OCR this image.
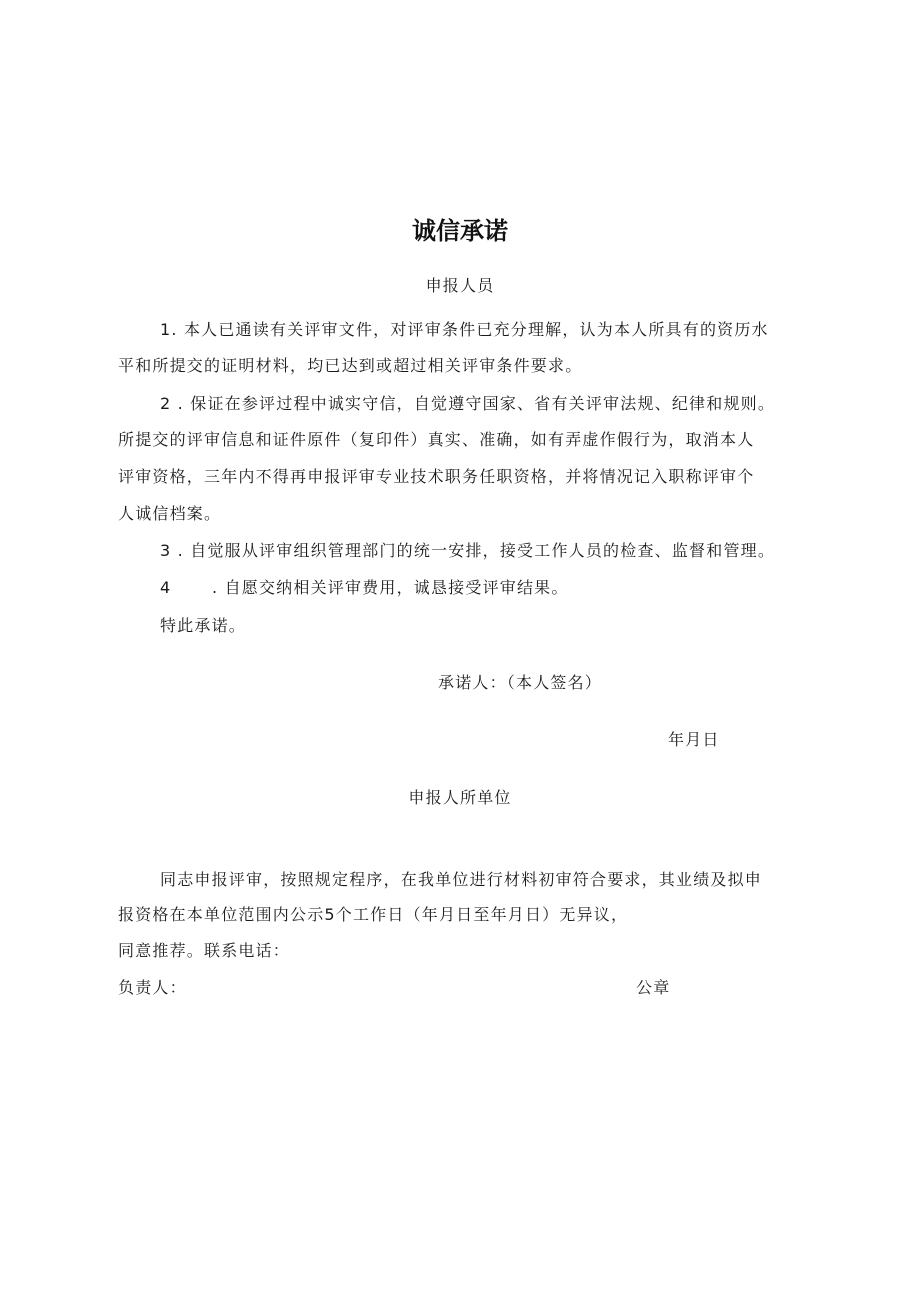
诚信承诺
申报人员
1. 本人已通读有关评审文件，对评审条件已充分理解，认为本人所具有的资历水
平和所提交的证明材料，均已达到或超过相关评审条件要求。
2 . 保证在参评过程中诚实守信，自觉遵守国家、省有关评审法规、纪律和规则。
所提交的评审信息和证件原件（复印件）真实、准确，如有弄虚作假行为，取消本人
评审资格，三年内不得再申报评审专业技术职务任职资格，并将情况记入职称评审个
人诚信档案。
3 . 自觉服从评审组织管理部门的统一安排，接受工作人员的检查、监督和管理。
4	. 自愿交纳相关评审费用，诚恳接受评审结果。
特此承诺。
承诺人：（本人签名）
年月日
申报人所单位
同志申报评审，按照规定程序，在我单位进行材料初审符合要求，其业绩及拟申
报资格在本单位范围内公示5个工作日（年月日至年月日）无异议，
同意推荐。联系电话：
负责人：	公章
